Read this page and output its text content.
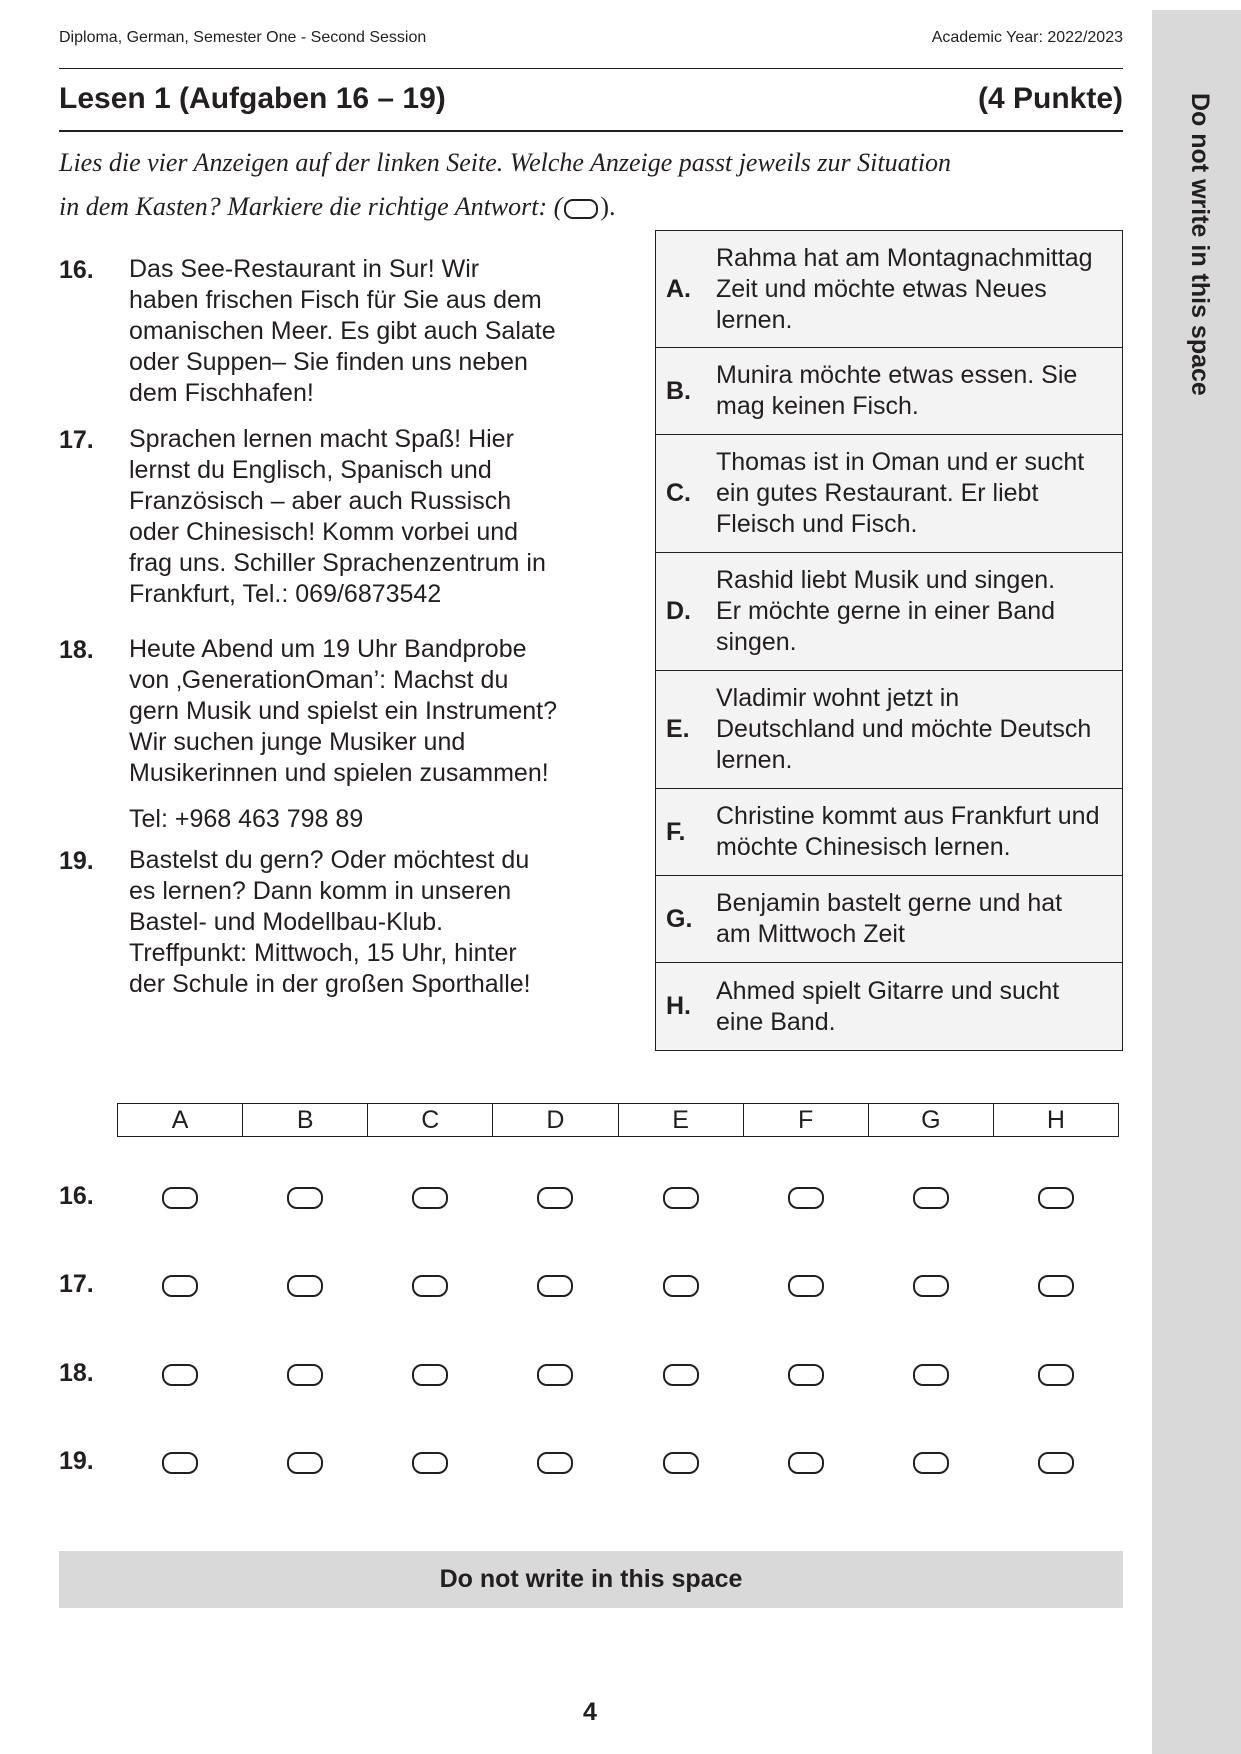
Do not write in this space
Diploma, German, Semester One - Second Session	Academic Year: 2022/2023
Lesen 1 (Aufgaben 16 – 19)	(4 Punkte)
Lies die vier Anzeigen auf der linken Seite. Welche Anzeige passt jeweils zur Situation
in dem Kasten? Markiere die richtige Antwort: ( ).
16. Das See-Restaurant in Sur! Wir
haben frischen Fisch für Sie aus dem
omanischen Meer. Es gibt auch Salate
oder Suppen– Sie finden uns neben
dem Fischhafen!
17. Sprachen lernen macht Spaß! Hier
lernst du Englisch, Spanisch und
Französisch – aber auch Russisch
oder Chinesisch! Komm vorbei und
frag uns. Schiller Sprachenzentrum in
Frankfurt, Tel.: 069/6873542
18. Heute Abend um 19 Uhr Bandprobe
von ‚GenerationOman’: Machst du
gern Musik und spielst ein Instrument?
Wir suchen junge Musiker und
Musikerinnen und spielen zusammen!
Tel: +968 463 798 89
19. Bastelst du gern? Oder möchtest du
es lernen? Dann komm in unseren
Bastel- und Modellbau-Klub.
Treffpunkt: Mittwoch, 15 Uhr, hinter
der Schule in der großen Sporthalle!
A.
Rahma hat am Montagnachmittag
Zeit und möchte etwas Neues
lernen.
B.
Munira möchte etwas essen. Sie
mag keinen Fisch.
C.
Thomas ist in Oman und er sucht
ein gutes Restaurant. Er liebt
Fleisch und Fisch.
D.
Rashid liebt Musik und singen.
Er möchte gerne in einer Band
singen.
E.
Vladimir wohnt jetzt in
Deutschland und möchte Deutsch
lernen.
F.
Christine kommt aus Frankfurt und
möchte Chinesisch lernen.
G.
Benjamin bastelt gerne und hat
am Mittwoch Zeit
H.
Ahmed spielt Gitarre und sucht
eine Band.
A	B	C	D	E	F	G	H
16.
17.
18.
19.
Do not write in this space
4
